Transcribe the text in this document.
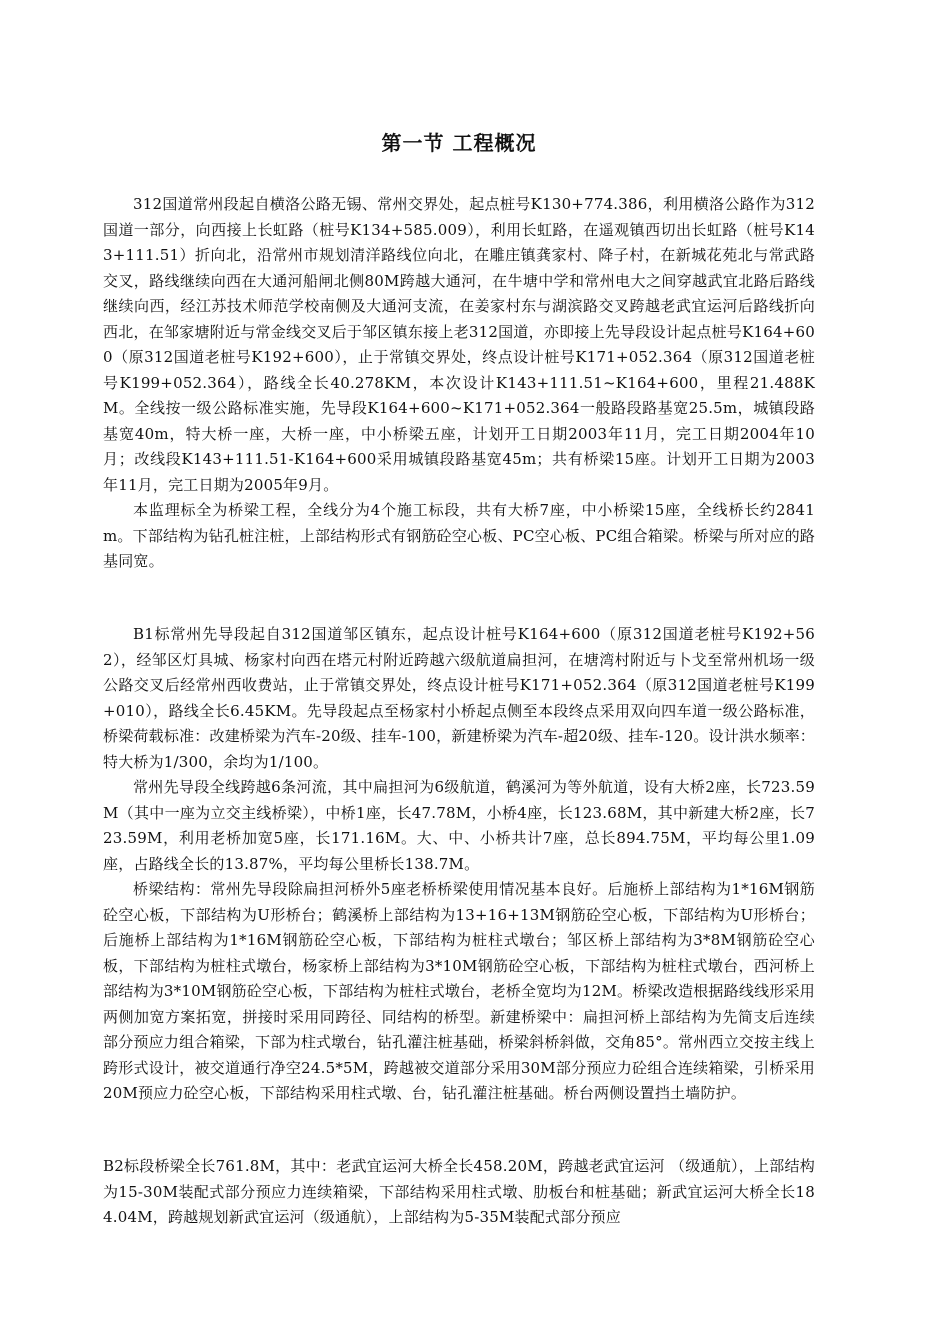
第一节 工程概况

312国道常州段起自横洛公路无锡、常州交界处，起点桩号K130+774.386，利用横洛公路作为312国道一部分，向西接上长虹路（桩号K134+585.009），利用长虹路，在遥观镇西切出长虹路（桩号K143+111.51）折向北，沿常州市规划清洋路线位向北，在雕庄镇龚家村、降子村，在新城花苑北与常武路交叉，路线继续向西在大通河船闸北侧80M跨越大通河，在牛塘中学和常州电大之间穿越武宜北路后路线继续向西，经江苏技术师范学校南侧及大通河支流，在姜家村东与湖滨路交叉跨越老武宜运河后路线折向西北，在邹家塘附近与常金线交叉后于邹区镇东接上老312国道，亦即接上先导段设计起点桩号K164+600（原312国道老桩号K192+600），止于常镇交界处，终点设计桩号K171+052.364（原312国道老桩号K199+052.364），路线全长40.278KM，本次设计K143+111.51~K164+600，里程21.488KM。全线按一级公路标准实施，先导段K164+600~K171+052.364一般路段路基宽25.5m，城镇段路基宽40m，特大桥一座，大桥一座，中小桥梁五座，计划开工日期2003年11月，完工日期2004年10月；改线段K143+111.51-K164+600采用城镇段路基宽45m；共有桥梁15座。计划开工日期为2003年11月，完工日期为2005年9月。

本监理标全为桥梁工程，全线分为4个施工标段，共有大桥7座，中小桥梁15座，全线桥长约2841m。下部结构为钻孔桩注桩，上部结构形式有钢筋砼空心板、PC空心板、PC组合箱梁。桥梁与所对应的路基同宽。

B1标常州先导段起自312国道邹区镇东，起点设计桩号K164+600（原312国道老桩号K192+562），经邹区灯具城、杨家村向西在塔元村附近跨越六级航道扁担河，在塘湾村附近与卜戈至常州机场一级公路交叉后经常州西收费站，止于常镇交界处，终点设计桩号K171+052.364（原312国道老桩号K199+010），路线全长6.45KM。先导段起点至杨家村小桥起点侧至本段终点采用双向四车道一级公路标准，桥梁荷载标准：改建桥梁为汽车-20级、挂车-100，新建桥梁为汽车-超20级、挂车-120。设计洪水频率：特大桥为1/300，余均为1/100。

常州先导段全线跨越6条河流，其中扁担河为6级航道，鹤溪河为等外航道，设有大桥2座，长723.59M（其中一座为立交主线桥梁），中桥1座，长47.78M，小桥4座，长123.68M，其中新建大桥2座，长723.59M，利用老桥加宽5座，长171.16M。大、中、小桥共计7座，总长894.75M，平均每公里1.09座，占路线全长的13.87%，平均每公里桥长138.7M。

桥梁结构：常州先导段除扁担河桥外5座老桥桥梁使用情况基本良好。后施桥上部结构为1*16M钢筋砼空心板，下部结构为U形桥台；鹤溪桥上部结构为13+16+13M钢筋砼空心板，下部结构为U形桥台；后施桥上部结构为1*16M钢筋砼空心板，下部结构为桩柱式墩台；邹区桥上部结构为3*8M钢筋砼空心板，下部结构为桩柱式墩台，杨家桥上部结构为3*10M钢筋砼空心板，下部结构为桩柱式墩台，西河桥上部结构为3*10M钢筋砼空心板，下部结构为桩柱式墩台，老桥全宽均为12M。桥梁改造根据路线线形采用两侧加宽方案拓宽，拼接时采用同跨径、同结构的桥型。新建桥梁中：扁担河桥上部结构为先简支后连续部分预应力组合箱梁，下部为柱式墩台，钻孔灌注桩基础，桥梁斜桥斜做，交角85°。常州西立交按主线上跨形式设计，被交道通行净空24.5*5M，跨越被交道部分采用30M部分预应力砼组合连续箱梁，引桥采用20M预应力砼空心板，下部结构采用柱式墩、台，钻孔灌注桩基础。桥台两侧设置挡土墙防护。

B2标段桥梁全长761.8M，其中：老武宜运河大桥全长458.20M，跨越老武宜运河 （级通航），上部结构为15-30M装配式部分预应力连续箱梁，下部结构采用柱式墩、肋板台和桩基础；新武宜运河大桥全长184.04M，跨越规划新武宜运河（级通航），上部结构为5-35M装配式部分预应
